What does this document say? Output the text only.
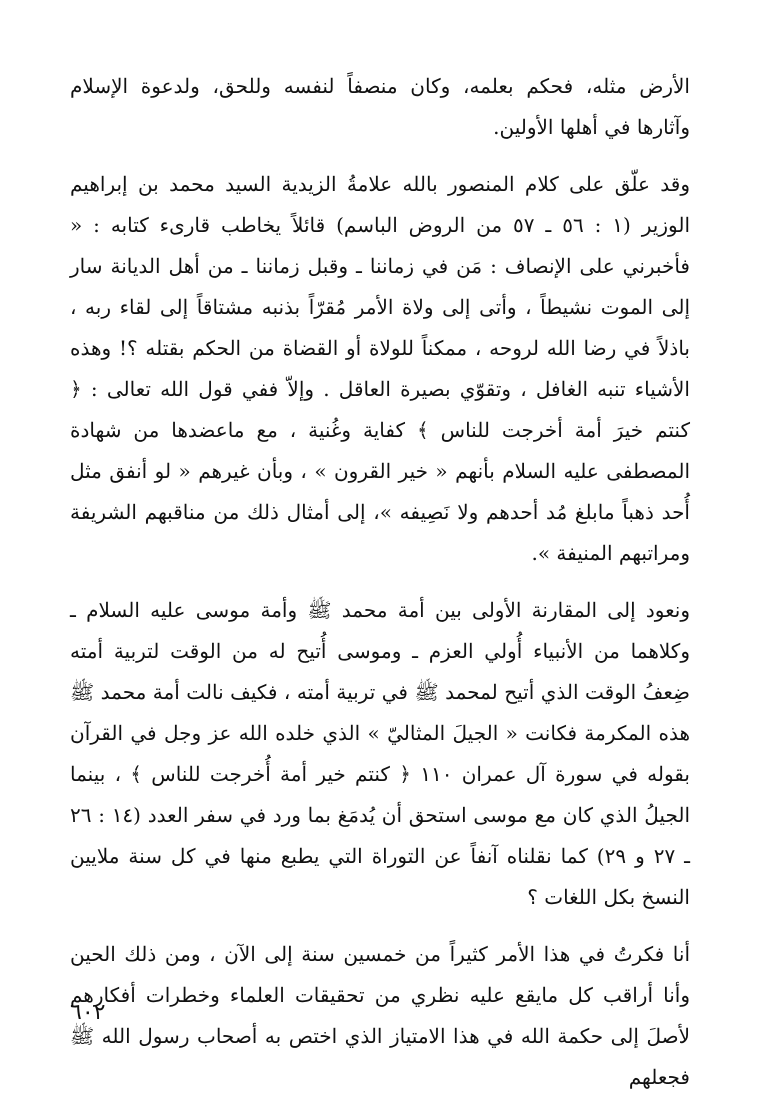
الأرض مثله، فحكم بعلمه، وكان منصفاً لنفسه وللحق، ولدعوة الإسلام وآثارها في أهلها الأولين.

وقد علّق على كلام المنصور بالله علامةُ الزيدية السيد محمد بن إبراهيم الوزير (١ : ٥٦ ـ ٥٧ من الروض الباسم) قائلاً يخاطب قارىء كتابه : « فأخبرني على الإنصاف : مَن في زماننا ـ وقبل زماننا ـ من أهل الديانة سار إلى الموت نشيطاً ، وأتى إلى ولاة الأمر مُقرّاً بذنبه مشتاقاً إلى لقاء ربه ، باذلاً في رضا الله لروحه ، ممكناً للولاة أو القضاة من الحكم بقتله ؟! وهذه الأشياء تنبه الغافل ، وتقوّي بصيرة العاقل . وإلاّ ففي قول الله تعالى : ﴿ كنتم خيرَ أمة أخرجت للناس ﴾ كفاية وغُنية ، مع ماعضدها من شهادة المصطفى عليه السلام بأنهم « خير القرون » ، وبأن غيرهم « لو أنفق مثل أُحد ذهباً مابلغ مُد أحدهم ولا نَصِيفه »، إلى أمثال ذلك من مناقبهم الشريفة ومراتبهم المنيفة ».

ونعود إلى المقارنة الأولى بين أمة محمد ﷺ وأمة موسى عليه السلام ـ وكلاهما من الأنبياء أُولي العزم ـ وموسى أُتيح له من الوقت لتربية أمته ضِعفُ الوقت الذي أتيح لمحمد ﷺ في تربية أمته ، فكيف نالت أمة محمد ﷺ هذه المكرمة فكانت « الجيلَ المثاليّ » الذي خلده الله عز وجل في القرآن بقوله في سورة آل عمران ١١٠ ﴿ كنتم خير أمة أُخرجت للناس ﴾ ، بينما الجيلُ الذي كان مع موسى استحق أن يُدمَغ بما ورد في سفر العدد (١٤ : ٢٦ ـ ٢٧ و ٢٩) كما نقلناه آنفاً عن التوراة التي يطبع منها في كل سنة ملايين النسخ بكل اللغات ؟

أنا فكرتُ في هذا الأمر كثيراً من خمسين سنة إلى الآن ، ومن ذلك الحين وأنا أراقب كل مايقع عليه نظري من تحقيقات العلماء وخطرات أفكارهم لأصلَ إلى حكمة الله في هذا الامتياز الذي اختص به أصحاب رسول الله ﷺ فجعلهم

٦٠٢
